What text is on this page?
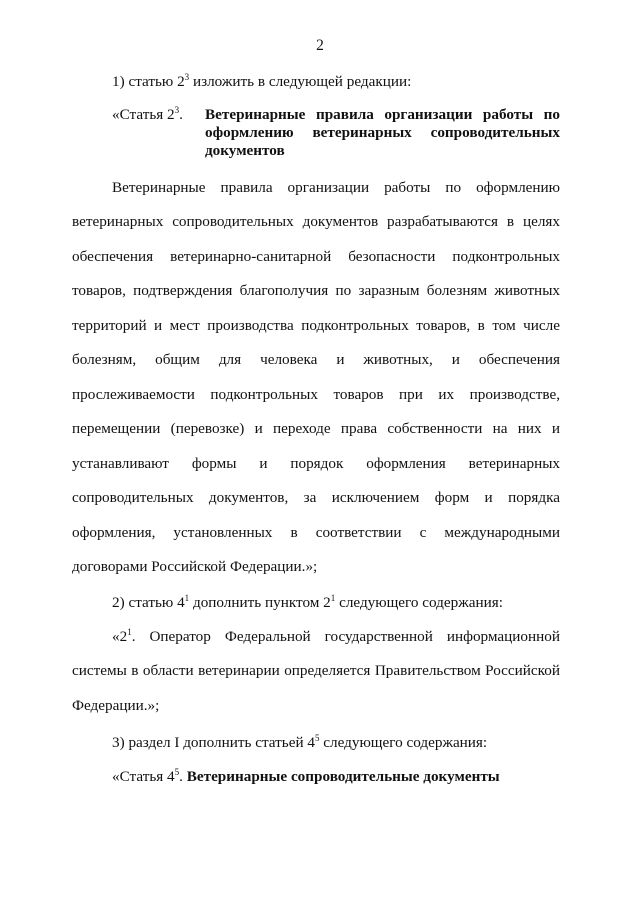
2
1) статью $2^3$ изложить в следующей редакции:
«Статья $2^3$. Ветеринарные правила организации работы по
оформлению ветеринарных сопроводительных
документов
Ветеринарные правила организации работы по оформлению
ветеринарных сопроводительных документов разрабатываются в целях
обеспечения ветеринарно-санитарной безопасности подконтрольных
товаров, подтверждения благополучия по заразным болезням животных
территорий и мест производства подконтрольных товаров, в том числе
болезням, общим для человека и животных, и обеспечения
прослеживаемости подконтрольных товаров при их производстве,
перемещении (перевозке) и переходе права собственности на них и
устанавливают формы и порядок оформления ветеринарных
сопроводительных документов, за исключением форм и порядка
оформления, установленных в соответствии с международными
договорами Российской Федерации.»;
2) статью $4^1$ дополнить пунктом $2^1$ следующего содержания:
«$2^1$. Оператор Федеральной государственной информационной
системы в области ветеринарии определяется Правительством Российской
Федерации.»;
3) раздел I дополнить статьей $4^5$ следующего содержания:
«Статья $4^5$. Ветеринарные сопроводительные документы
